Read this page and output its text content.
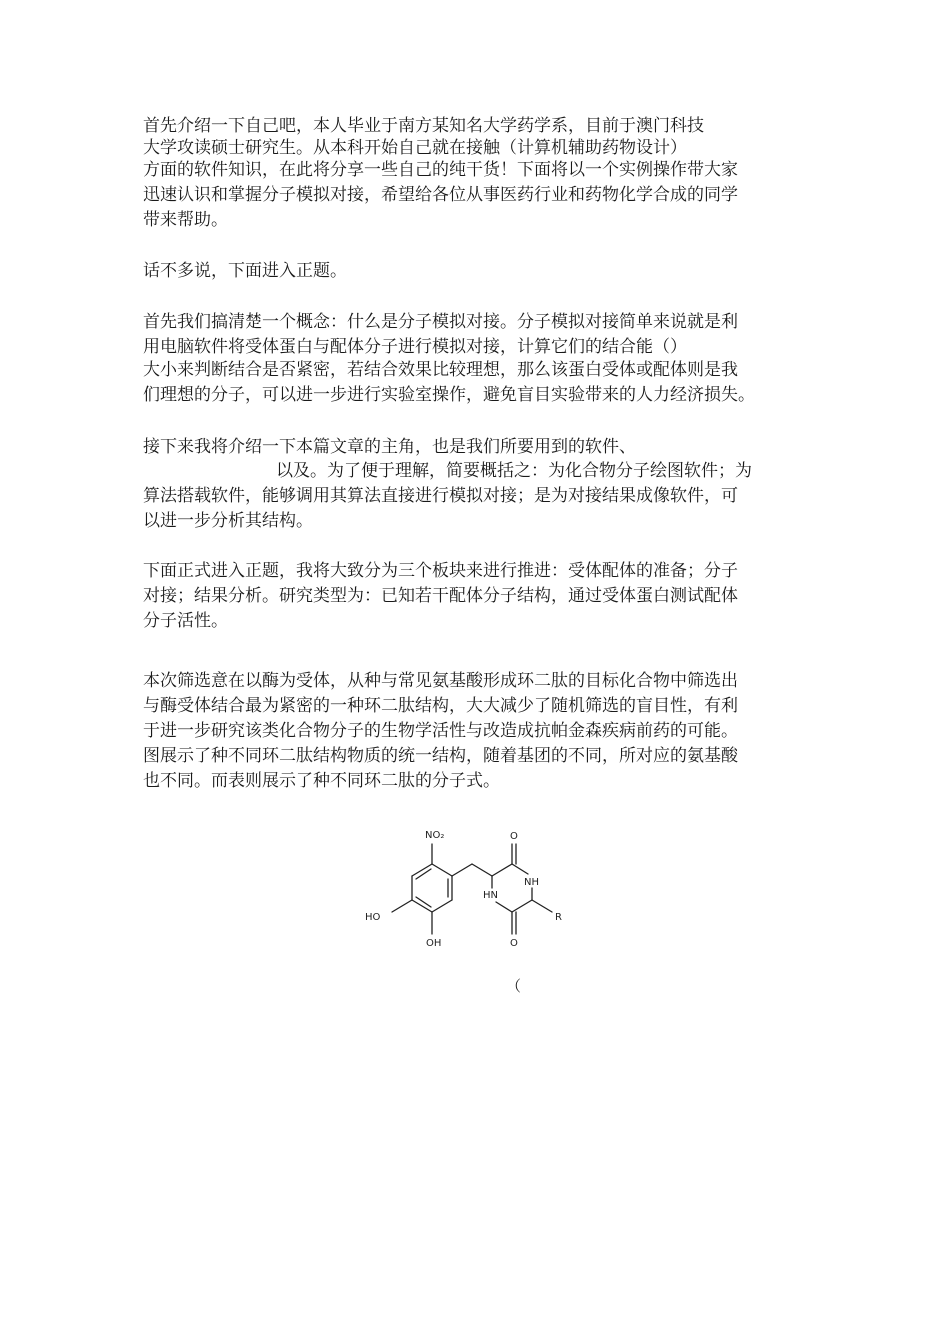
首先介绍一下自己吧，本人毕业于南方某知名大学药学系，目前于澳门科技

大学攻读硕士研究生。从本科开始自己就在接触（计算机辅助药物设计）

方面的软件知识，在此将分享一些自己的纯干货！下面将以一个实例操作带大家

迅速认识和掌握分子模拟对接，希望给各位从事医药行业和药物化学合成的同学

带来帮助。

话不多说，下面进入正题。

首先我们搞清楚一个概念：什么是分子模拟对接。分子模拟对接简单来说就是利

用电脑软件将受体蛋白与配体分子进行模拟对接，计算它们的结合能（）

大小来判断结合是否紧密，若结合效果比较理想，那么该蛋白受体或配体则是我

们理想的分子，可以进一步进行实验室操作，避免盲目实验带来的人力经济损失。

接下来我将介绍一下本篇文章的主角，也是我们所要用到的软件、

以及。为了便于理解，简要概括之：为化合物分子绘图软件；为

算法搭载软件，能够调用其算法直接进行模拟对接；是为对接结果成像软件，可

以进一步分析其结构。

下面正式进入正题，我将大致分为三个板块来进行推进：受体配体的准备；分子

对接；结果分析。研究类型为：已知若干配体分子结构，通过受体蛋白测试配体

分子活性。

本次筛选意在以酶为受体，从种与常见氨基酸形成环二肽的目标化合物中筛选出

与酶受体结合最为紧密的一种环二肽结构，大大减少了随机筛选的盲目性，有利

于进一步研究该类化合物分子的生物学活性与改造成抗帕金森疾病前药的可能。

图展示了种不同环二肽结构物质的统一结构，随着基团的不同，所对应的氨基酸

也不同。而表则展示了种不同环二肽的分子式。

NO₂
HO
OH
O
O
NH
HN
R
（
